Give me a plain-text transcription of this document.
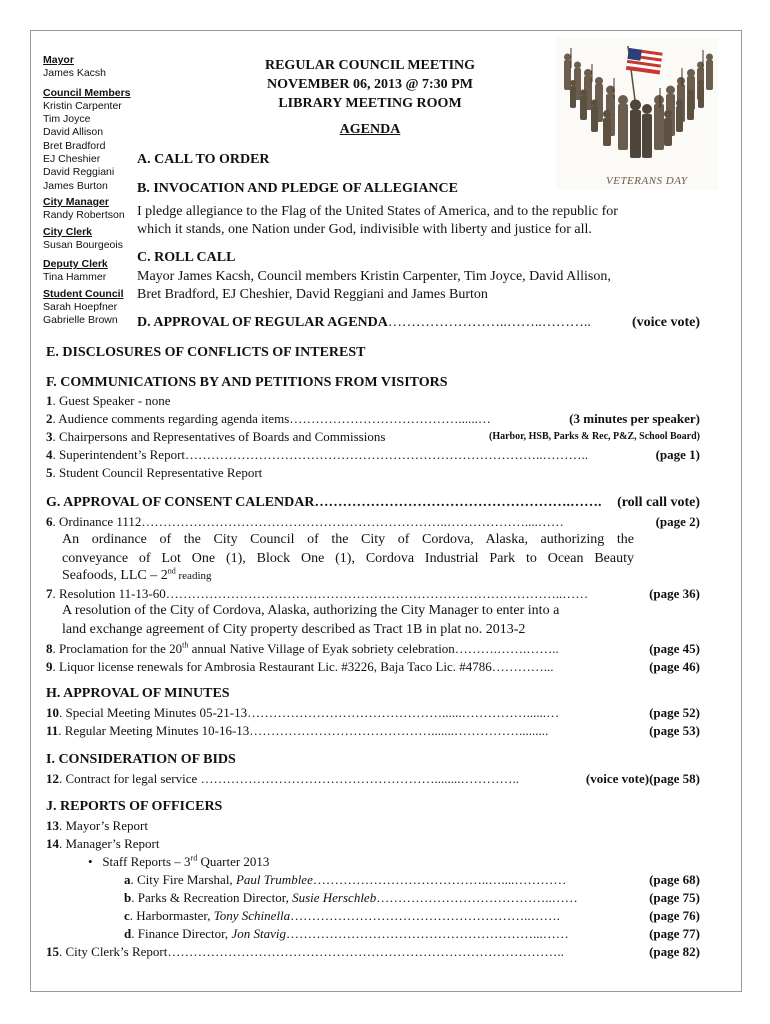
Mayor
James Kacsh
Council Members
Kristin Carpenter
Tim Joyce
David Allison
Bret Bradford
EJ Cheshier
David Reggiani
James Burton
City Manager
Randy Robertson
City Clerk
Susan Bourgeois
Deputy Clerk
Tina Hammer
Student Council
Sarah Hoepfner
Gabrielle Brown
REGULAR COUNCIL MEETING
NOVEMBER 06, 2013 @ 7:30 PM
LIBRARY MEETING ROOM
AGENDA
VETERANS DAY
A. CALL TO ORDER
B. INVOCATION AND PLEDGE OF ALLEGIANCE
I pledge allegiance to the Flag of the United States of America, and to the republic for
which it stands, one Nation under God, indivisible with liberty and justice for all.
C. ROLL CALL
Mayor James Kacsh, Council members Kristin Carpenter, Tim Joyce, David Allison,
Bret Bradford, EJ Cheshier, David Reggiani and James Burton
D. APPROVAL OF REGULAR AGENDA……………………..……..………..	(voice vote)
E. DISCLOSURES OF CONFLICTS OF INTEREST
F. COMMUNICATIONS BY AND PETITIONS FROM VISITORS
1. Guest Speaker - none
2. Audience comments regarding agenda items…………………………………......…	(3 minutes per speaker)
3. Chairpersons and Representatives of Boards and Commissions	(Harbor, HSB, Parks & Rec, P&Z, School Board)
4. Superintendent’s Report………………………………………………………………………..………..	(page 1)
5. Student Council Representative Report
G. APPROVAL OF CONSENT CALENDAR……………………………………………….……. (roll call vote)
6. Ordinance 1112……………………………………………………………..………………....……	(page 2)
An ordinance of the City Council of the City of Cordova, Alaska, authorizing the
conveyance of Lot One (1), Block One (1), Cordova Industrial Park to Ocean Beauty
Seafoods, LLC – 2nd reading
7. Resolution 11-13-60………………………………………………………………………………..……	(page 36)
A resolution of the City of Cordova, Alaska, authorizing the City Manager to enter into a
land exchange agreement of City property described as Tract 1B in plat no. 2013-2
8. Proclamation for the 20th annual Native Village of Eyak sobriety celebration……….…….……..	(page 45)
9. Liquor license renewals for Ambrosia Restaurant Lic. #3226, Baja Taco Lic. #4786…………...	(page 46)
H. APPROVAL OF MINUTES
10. Special Meeting Minutes 05-21-13………………………………………......……………......…	(page 52)
11. Regular Meeting Minutes 10-16-13…………………………………….......…………….........	(page 53)
I. CONSIDERATION OF BIDS
12. Contract for legal service ………………………………………………........…………..	(voice vote)(page 58)
J. REPORTS OF OFFICERS
13. Mayor’s Report
14. Manager’s Report
•   Staff Reports – 3rd Quarter 2013
a. City Fire Marshal, Paul Trumblee…………………………………..…....…………	(page 68)
b. Parks & Recreation Director, Susie Herschleb…………………………………..……	(page 75)
c. Harbormaster, Tony Schinella………………………………………………..…….	(page 76)
d. Finance Director, Jon Stavig…………………………………………………...……	(page 77)
15. City Clerk’s Report………………………………………………………………………………..	(page 82)
